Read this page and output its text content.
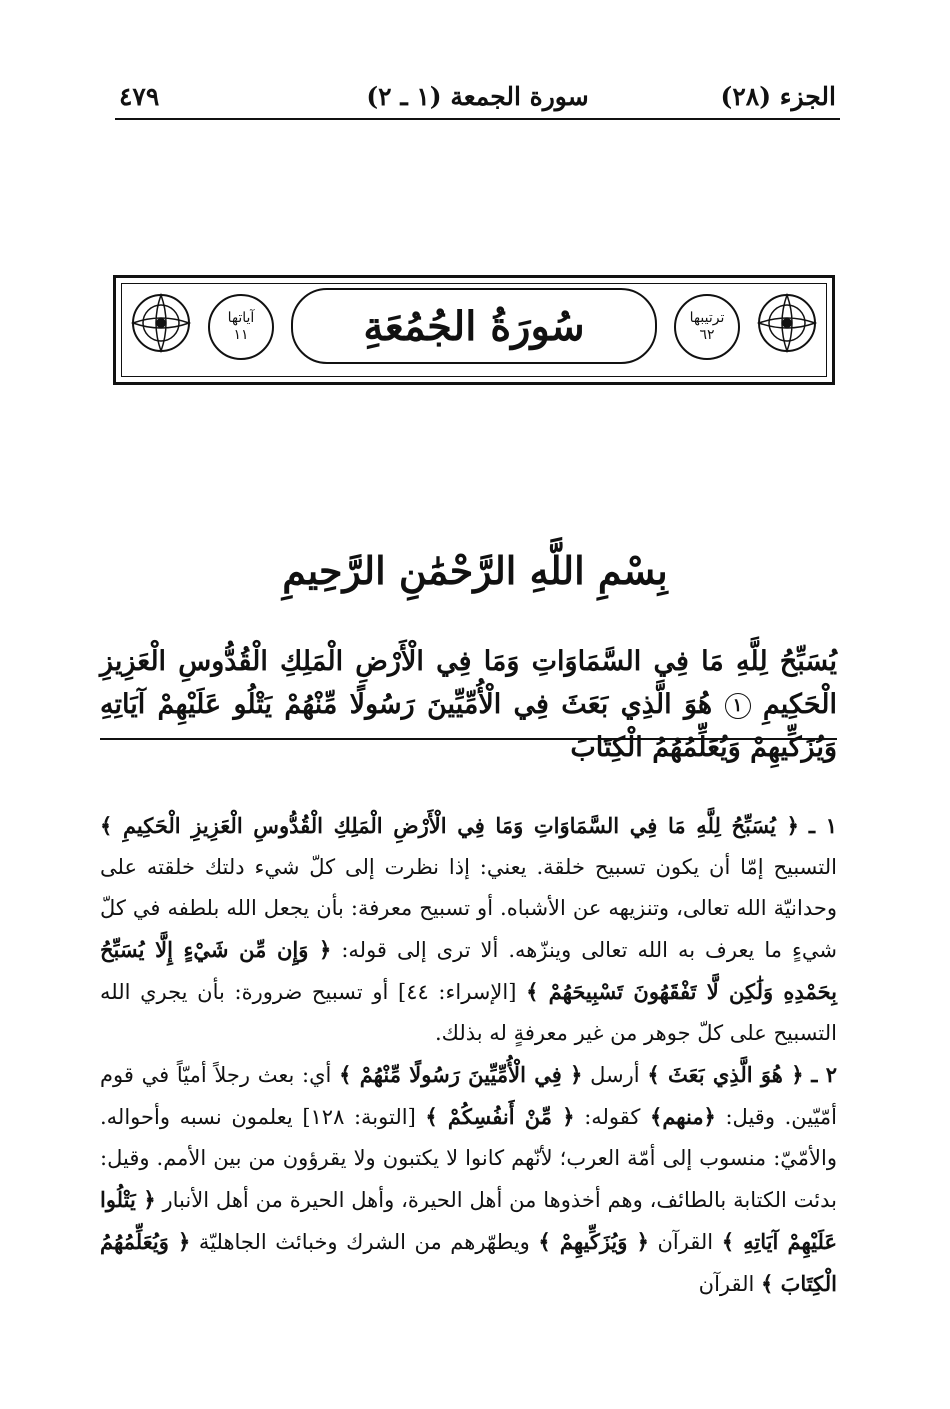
الجزء (٢٨)
سورة الجمعة (١ ـ ٢)
٤٧٩
ترتيبها
٦٢
آياتها
١١	سُورَةُ الجُمُعَةِ
بِسْمِ اللَّهِ الرَّحْمَٰنِ الرَّحِيمِ
يُسَبِّحُ لِلَّهِ مَا فِي السَّمَاوَاتِ وَمَا فِي الْأَرْضِ الْمَلِكِ الْقُدُّوسِ الْعَزِيزِ الْحَكِيمِ ١ هُوَ الَّذِي بَعَثَ فِي الْأُمِّيِّينَ رَسُولًا مِّنْهُمْ يَتْلُو عَلَيْهِمْ آيَاتِهِ وَيُزَكِّيهِمْ وَيُعَلِّمُهُمُ الْكِتَابَ

١ ـ ﴿ يُسَبِّحُ لِلَّهِ مَا فِي السَّمَاوَاتِ وَمَا فِي الْأَرْضِ الْمَلِكِ الْقُدُّوسِ الْعَزِيزِ الْحَكِيمِ ﴾ التسبيح إمّا أن يكون تسبيح خلقة. يعني: إذا نظرت إلى كلّ شيء دلتك خلقته على وحدانيّة الله تعالى، وتنزيهه عن الأشباه. أو تسبيح معرفة: بأن يجعل الله بلطفه في كلّ شيءٍ ما يعرف به الله تعالى وينزّهه. ألا ترى إلى قوله: ﴿ وَإِن مِّن شَيْءٍ إِلَّا يُسَبِّحُ بِحَمْدِهِ وَلَٰكِن لَّا تَفْقَهُونَ تَسْبِيحَهُمْ ﴾ [الإسراء: ٤٤] أو تسبيح ضرورة: بأن يجري الله التسبيح على كلّ جوهر من غير معرفةٍ له بذلك.

٢ ـ ﴿ هُوَ الَّذِي بَعَثَ ﴾ أرسل ﴿ فِي الْأُمِّيِّينَ رَسُولًا مِّنْهُمْ ﴾ أي: بعث رجلاً أميّاً في قوم أمّيّين. وقيل: ﴿منهم﴾ كقوله: ﴿ مِّنْ أَنفُسِكُمْ ﴾ [التوبة: ١٢٨] يعلمون نسبه وأحواله. والأمّيّ: منسوب إلى أمّة العرب؛ لأنّهم كانوا لا يكتبون ولا يقرؤون من بين الأمم. وقيل: بدئت الكتابة بالطائف، وهم أخذوها من أهل الحيرة، وأهل الحيرة من أهل الأنبار ﴿ يَتْلُوا عَلَيْهِمْ آيَاتِهِ ﴾ القرآن ﴿ وَيُزَكِّيهِمْ ﴾ ويطهّرهم من الشرك وخبائث الجاهليّة ﴿ وَيُعَلِّمُهُمُ الْكِتَابَ ﴾ القرآن
